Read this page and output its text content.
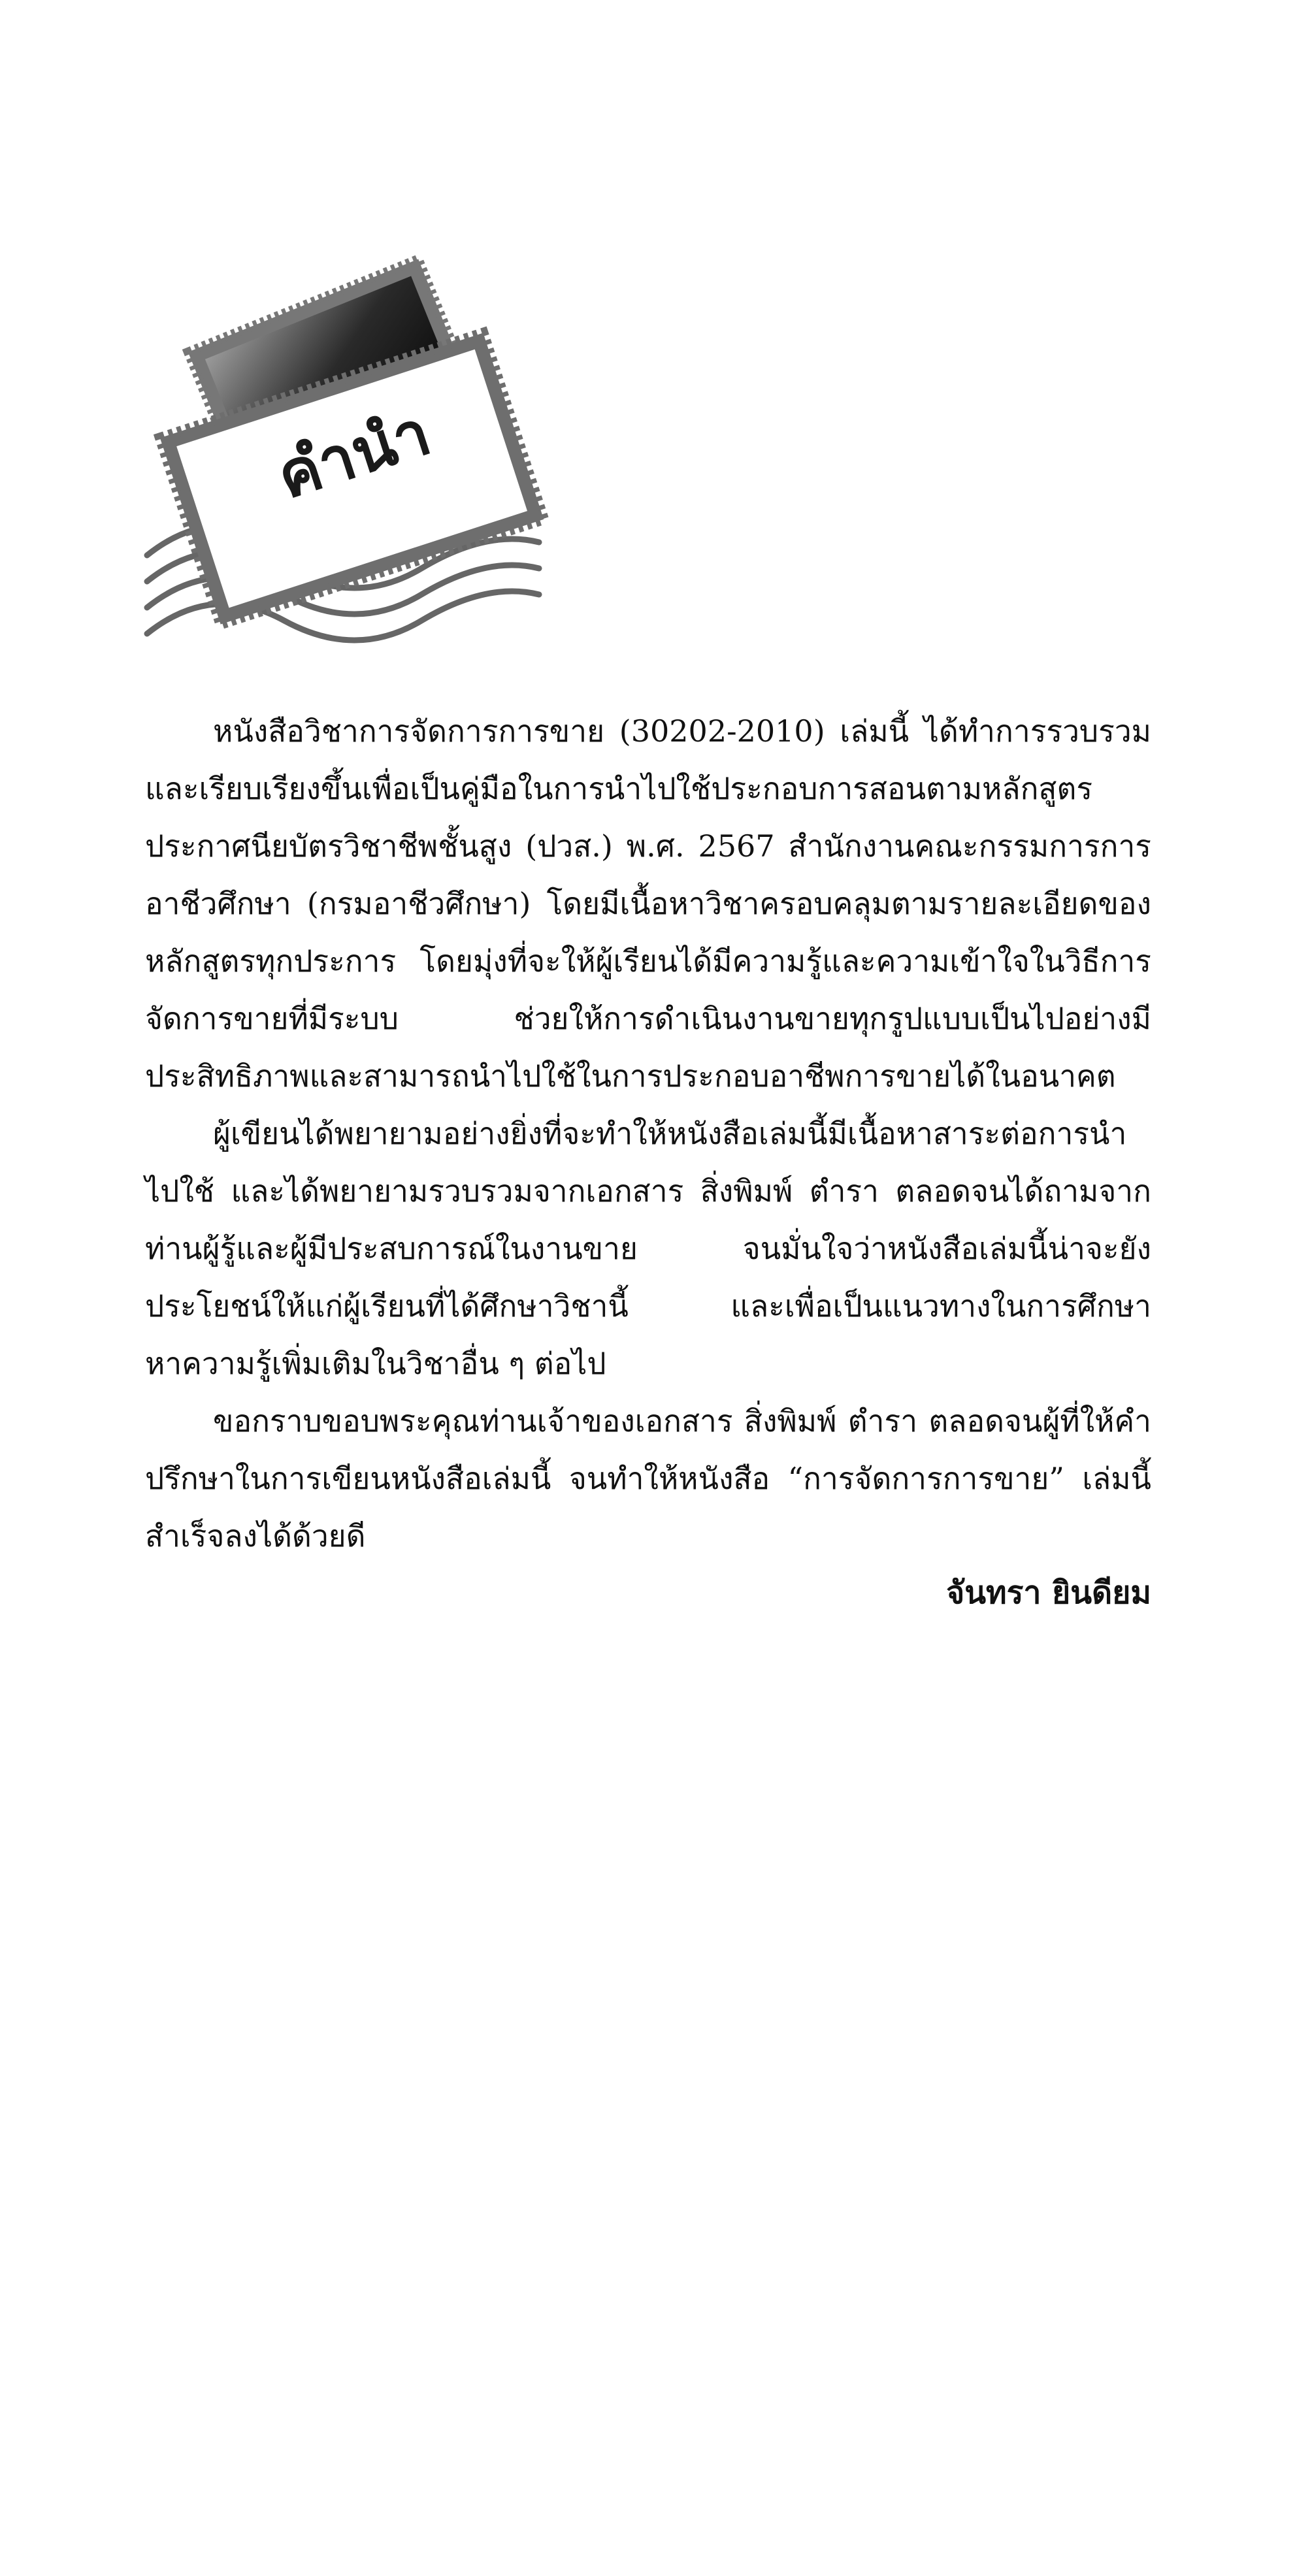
คำนำ

หนังสือวิชาการจัดการการขาย (30202-2010) เล่มนี้ ได้ทำการรวบรวมและเรียบเรียงขึ้นเพื่อเป็นคู่มือในการนำไปใช้ประกอบการสอนตามหลักสูตรประกาศนียบัตรวิชาชีพชั้นสูง (ปวส.) พ.ศ. 2567 สำนักงานคณะกรรมการการอาชีวศึกษา (กรมอาชีวศึกษา) โดยมีเนื้อหาวิชาครอบคลุมตามรายละเอียดของหลักสูตรทุกประการ โดยมุ่งที่จะให้ผู้เรียนได้มีความรู้และความเข้าใจในวิธีการจัดการขายที่มีระบบ ช่วยให้การดำเนินงานขายทุกรูปแบบเป็นไปอย่างมีประสิทธิภาพและสามารถนำไปใช้ในการประกอบอาชีพการขายได้ในอนาคต

ผู้เขียนได้พยายามอย่างยิ่งที่จะทำให้หนังสือเล่มนี้มีเนื้อหาสาระต่อการนำไปใช้ และได้พยายามรวบรวมจากเอกสาร สิ่งพิมพ์ ตำรา ตลอดจนได้ถามจากท่านผู้รู้และผู้มีประสบการณ์ในงานขาย จนมั่นใจว่าหนังสือเล่มนี้น่าจะยังประโยชน์ให้แก่ผู้เรียนที่ได้ศึกษาวิชานี้ และเพื่อเป็นแนวทางในการศึกษาหาความรู้เพิ่มเติมในวิชาอื่น ๆ ต่อไป

ขอกราบขอบพระคุณท่านเจ้าของเอกสาร สิ่งพิมพ์ ตำรา ตลอดจนผู้ที่ให้คำปรึกษาในการเขียนหนังสือเล่มนี้ จนทำให้หนังสือ “การจัดการการขาย” เล่มนี้สำเร็จลงได้ด้วยดี

จันทรา ยินดียม
